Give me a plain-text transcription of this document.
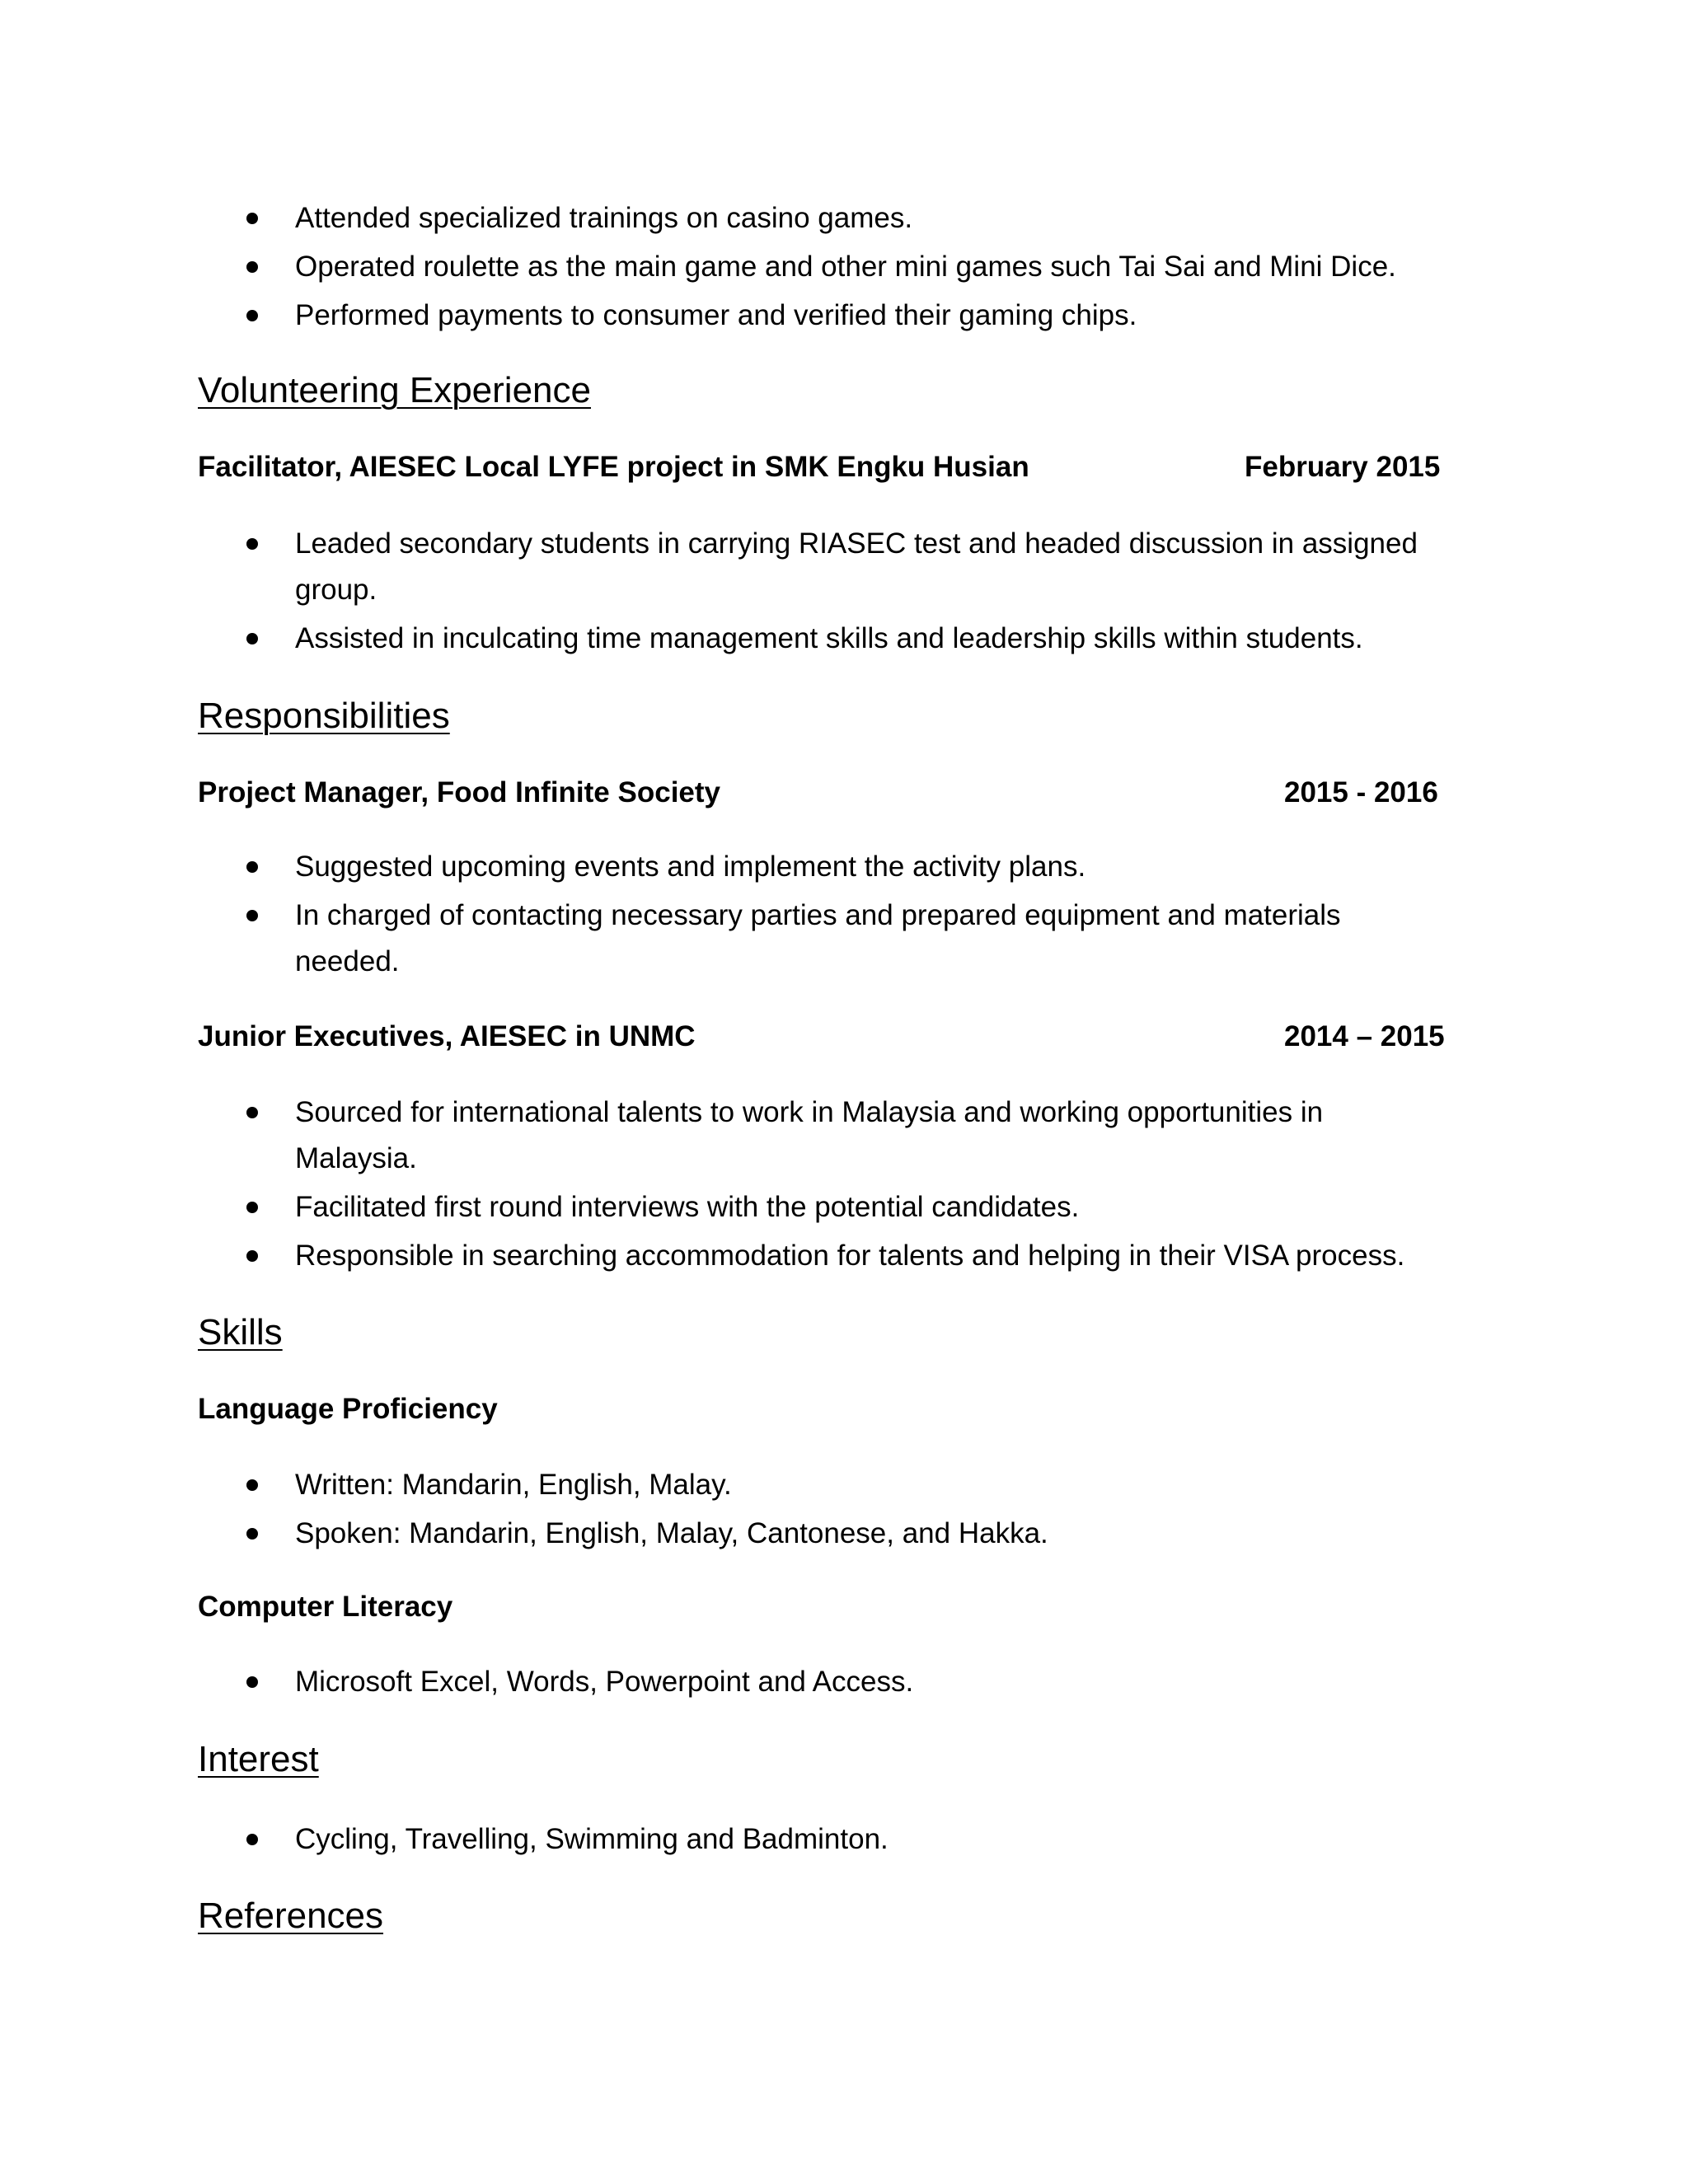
Attended specialized trainings on casino games.
Operated roulette as the main game and other mini games such Tai Sai and Mini Dice.
Performed payments to consumer and verified their gaming chips.
Volunteering Experience
Facilitator, AIESEC Local LYFE project in SMK Engku Husian	February 2015
Leaded secondary students in carrying RIASEC test and headed discussion in assigned group.
Assisted in inculcating time management skills and leadership skills within students.
Responsibilities
Project Manager, Food Infinite Society	2015 - 2016
Suggested upcoming events and implement the activity plans.
In charged of contacting necessary parties and prepared equipment and materials needed.
Junior Executives, AIESEC in UNMC	2014 – 2015
Sourced for international talents to work in Malaysia and working opportunities in Malaysia.
Facilitated first round interviews with the potential candidates.
Responsible in searching accommodation for talents and helping in their VISA process.
Skills
Language Proficiency
Written: Mandarin, English, Malay.
Spoken: Mandarin, English, Malay, Cantonese, and Hakka.
Computer Literacy
Microsoft Excel, Words, Powerpoint and Access.
Interest
Cycling, Travelling, Swimming and Badminton.
References
